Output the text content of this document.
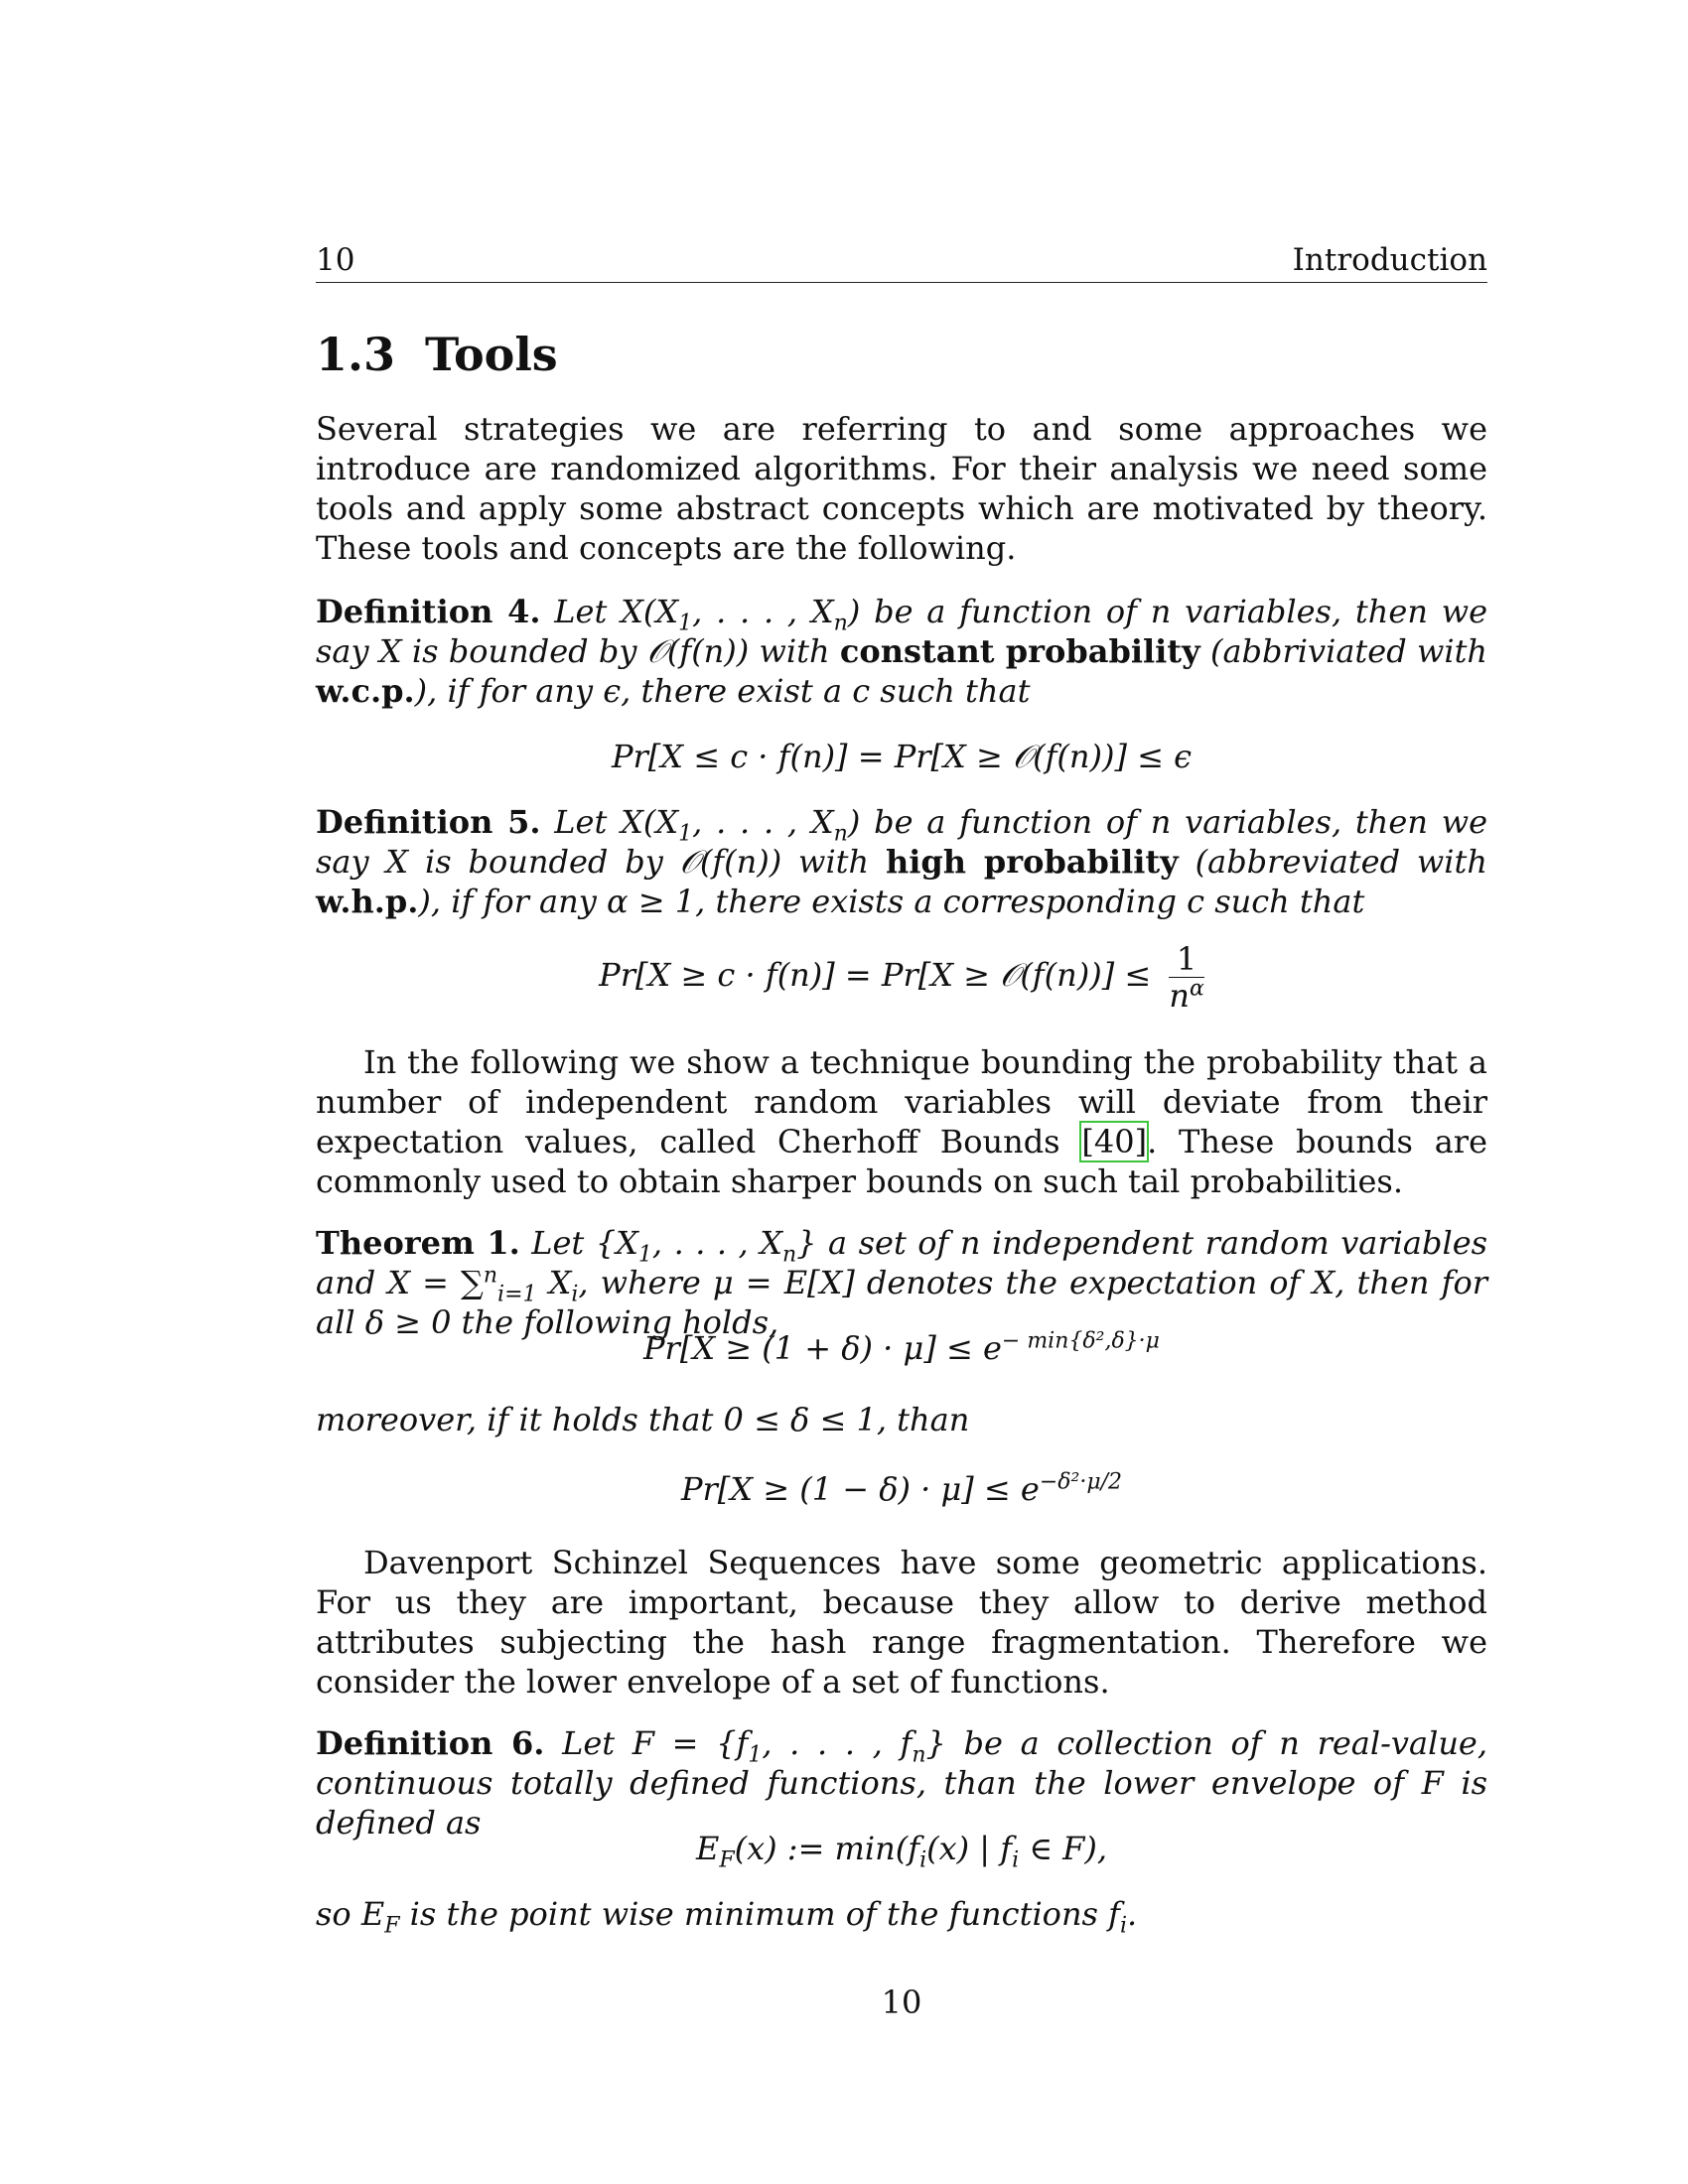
10	Introduction
1.3 Tools

Several strategies we are referring to and some approaches we introduce are randomized algorithms. For their analysis we need some tools and apply some abstract concepts which are motivated by theory. These tools and concepts are the following.

Definition 4. Let $X(X_1$, . . . , $X_n$) be a function of n variables, then we say X is bounded by 𝒪(f(n)) with constant probability (abbriviated with w.c.p.), if for any ϵ, there exist a c such that

Pr[X ≤ c · f(n)] = Pr[X ≥ 𝒪(f(n))] ≤ ϵ

Definition 5. Let $X(X_1$, . . . , $X_n$) be a function of n variables, then we say X is bounded by 𝒪(f(n)) with high probability (abbreviated with w.h.p.), if for any α ≥ 1, there exists a corresponding c such that

Pr[X ≥ c · f(n)] = Pr[X ≥ 𝒪(f(n))] ≤ $\frac{1}{n^\alpha}$

In the following we show a technique bounding the probability that a number of independent random variables will deviate from their expectation values, called Cherhoff Bounds [40]. These bounds are commonly used to obtain sharper bounds on such tail probabilities.

Theorem 1. Let {$X_1$, . . . , $X_n$} a set of n independent random variables and X = ∑$^n_{i=1}$ $X_i$, where μ = E[X] denotes the expectation of X, then for all δ ≥ 0 the following holds,

$Pr[X \ge (1 + \delta) \cdot \mu] \le e^{- min\{\delta^2,\delta\}\cdot\mu}$

moreover, if it holds that 0 ≤ δ ≤ 1, than

$Pr[X \ge (1 - \delta) \cdot \mu] \le e^{-\delta^2\cdot\mu/2}$

Davenport Schinzel Sequences have some geometric applications. For us they are important, because they allow to derive method attributes subjecting the hash range fragmentation. Therefore we consider the lower envelope of a set of functions.

Definition 6. Let $F = \{f_1$, . . . , $f_n$} be a collection of n real-value, continuous totally defined functions, than the lower envelope of F is defined as

$E_F(x)$ := $\min(f_i(x)$ | $f_i$ ∈ F),

so $E_F$ is the point wise minimum of the functions $f_i$.

10
